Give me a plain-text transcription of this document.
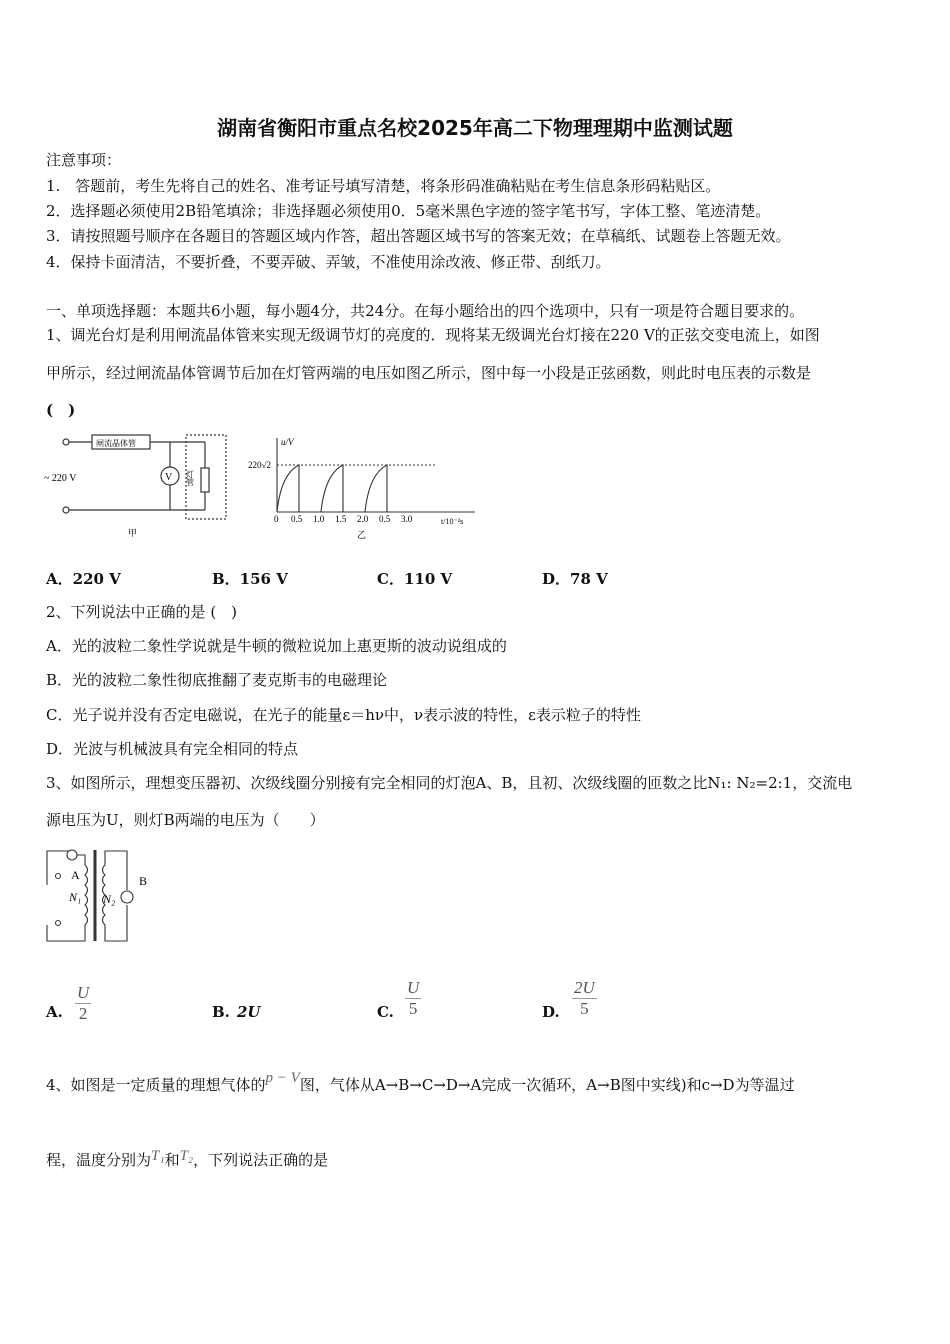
湖南省衡阳市重点名校2025年高二下物理理期中监测试题
注意事项：
1.　答题前，考生先将自己的姓名、准考证号填写清楚，将条形码准确粘贴在考生信息条形码粘贴区。
2．选择题必须使用2B铅笔填涂；非选择题必须使用0．5毫米黑色字迹的签字笔书写，字体工整、笔迹清楚。
3．请按照题号顺序在各题目的答题区域内作答，超出答题区域书写的答案无效；在草稿纸、试题卷上答题无效。
4．保持卡面清洁，不要折叠，不要弄破、弄皱，不准使用涂改液、修正带、刮纸刀。
一、单项选择题：本题共6小题，每小题4分，共24分。在每小题给出的四个选项中，只有一项是符合题目要求的。
1、调光台灯是利用闸流晶体管来实现无级调节灯的亮度的．现将某无级调光台灯接在220 V的正弦交变电流上，如图
甲所示，经过闸流晶体管调节后加在灯管两端的电压如图乙所示，图中每一小段是正弦函数，则此时电压表的示数是
(　)
闸流晶体管
~ 220 V	V 灯管
甲
u/V
220√2
0 0.5 1.0 1.5 2.0 0.5 3.0	t/10⁻²s
乙
A．220 V	B．156 V	C．110 V	D．78 V
2、下列说法中正确的是 (　)
A．光的波粒二象性学说就是牛顿的微粒说加上惠更斯的波动说组成的
B．光的波粒二象性彻底推翻了麦克斯韦的电磁理论
C．光子说并没有否定电磁说，在光子的能量ε＝hν中，ν表示波的特性，ε表示粒子的特性
D．光波与机械波具有完全相同的特点
3、如图所示，理想变压器初、次级线圈分别接有完全相同的灯泡A、B，且初、次级线圈的匝数之比N₁: N₂=2:1，交流电
源电压为U，则灯B两端的电压为（　　）
A	B
N₁ N₂
A. $\frac{U}{2}$	B. 2U	C. $\frac{U}{5}$	D. $\frac{2U}{5}$
4、如图是一定质量的理想气体的p − V图，气体从A→B→C→D→A完成一次循环，A→B图中实线)和c→D为等温过
程，温度分别为T₁和T₂，下列说法正确的是
